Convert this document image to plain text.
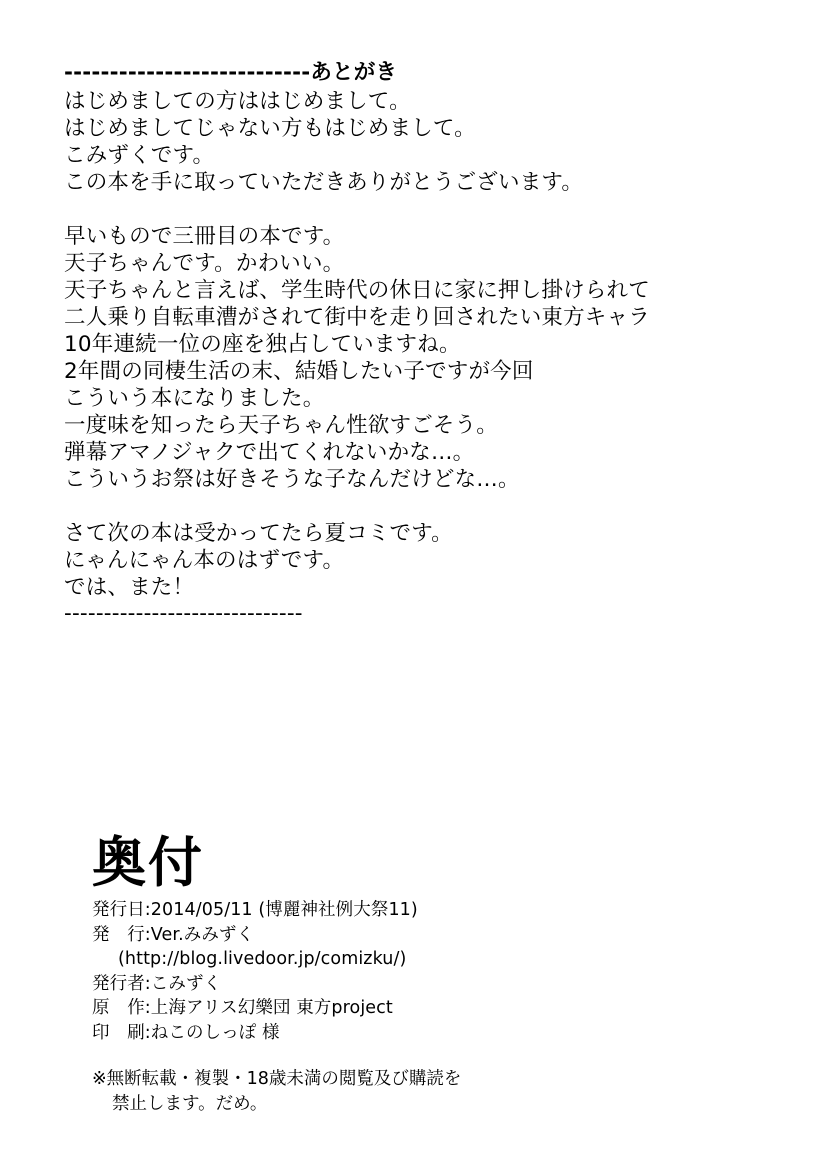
---------------------------あとがき
はじめましての方ははじめまして。
はじめましてじゃない方もはじめまして。
こみずくです。
この本を手に取っていただきありがとうございます。
早いもので三冊目の本です。
天子ちゃんです。かわいい。
天子ちゃんと言えば、学生時代の休日に家に押し掛けられて
二人乗り自転車漕がされて街中を走り回されたい東方キャラ
10年連続一位の座を独占していますね。
2年間の同棲生活の末、結婚したい子ですが今回
こういう本になりました。
一度味を知ったら天子ちゃん性欲すごそう。
弾幕アマノジャクで出てくれないかな…。
こういうお祭は好きそうな子なんだけどな…。
さて次の本は受かってたら夏コミです。
にゃんにゃん本のはずです。
では、また！
------------------------------
奥付
発行日:2014/05/11 (博麗神社例大祭11)
発　行:Ver.みみずく
(http://blog.livedoor.jp/comizku/)
発行者:こみずく
原　作:上海アリス幻樂団 東方project
印　刷:ねこのしっぽ 様
※無断転載・複製・18歳未満の閲覧及び購読を
禁止します。だめ。
